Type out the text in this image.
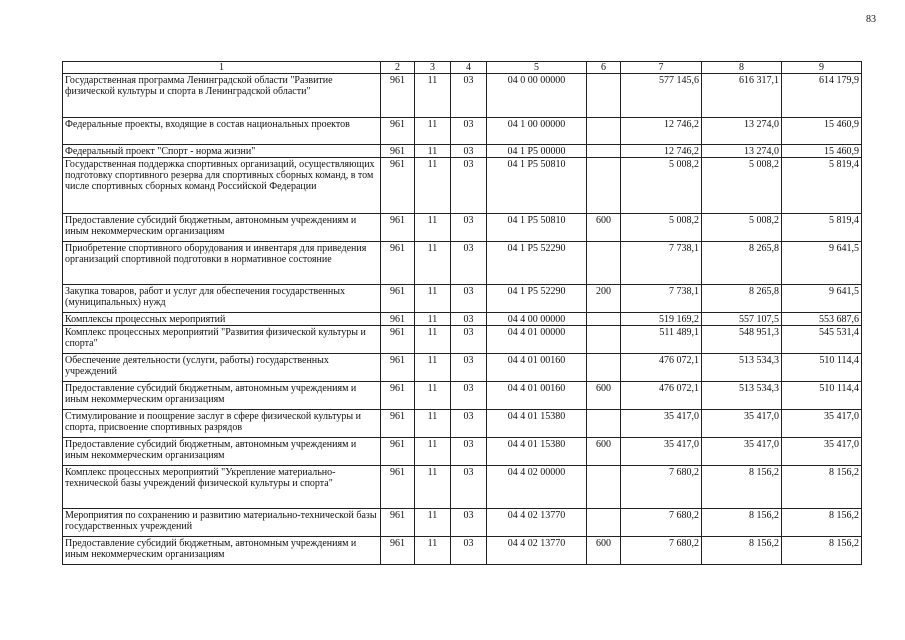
83
1	2	3	4	5	6	7	8	9
Государственная программа Ленинградской области "Развитие физической культуры и спорта в Ленинградской области"	961	11	03	04 0 00 00000		577 145,6	616 317,1	614 179,9
Федеральные проекты, входящие в состав национальных проектов	961	11	03	04 1 00 00000		12 746,2	13 274,0	15 460,9
Федеральный проект "Спорт - норма жизни"	961	11	03	04 1 P5 00000		12 746,2	13 274,0	15 460,9
Государственная поддержка спортивных организаций, осуществляющих подготовку спортивного резерва для спортивных сборных команд, в том числе спортивных сборных команд Российской Федерации	961	11	03	04 1 P5 50810		5 008,2	5 008,2	5 819,4
Предоставление субсидий бюджетным, автономным учреждениям и иным некоммерческим организациям	961	11	03	04 1 P5 50810	600	5 008,2	5 008,2	5 819,4
Приобретение спортивного оборудования и инвентаря для приведения организаций спортивной подготовки в нормативное состояние	961	11	03	04 1 P5 52290		7 738,1	8 265,8	9 641,5
Закупка товаров, работ и услуг для обеспечения государственных (муниципальных) нужд	961	11	03	04 1 P5 52290	200	7 738,1	8 265,8	9 641,5
Комплексы процессных мероприятий	961	11	03	04 4 00 00000		519 169,2	557 107,5	553 687,6
Комплекс процессных мероприятий "Развития физической культуры и спорта"	961	11	03	04 4 01 00000		511 489,1	548 951,3	545 531,4
Обеспечение деятельности (услуги, работы) государственных учреждений	961	11	03	04 4 01 00160		476 072,1	513 534,3	510 114,4
Предоставление субсидий бюджетным, автономным учреждениям и иным некоммерческим организациям	961	11	03	04 4 01 00160	600	476 072,1	513 534,3	510 114,4
Стимулирование и поощрение заслуг в сфере физической культуры и спорта, присвоение спортивных разрядов	961	11	03	04 4 01 15380		35 417,0	35 417,0	35 417,0
Предоставление субсидий бюджетным, автономным учреждениям и иным некоммерческим организациям	961	11	03	04 4 01 15380	600	35 417,0	35 417,0	35 417,0
Комплекс процессных мероприятий "Укрепление материально-технической базы учреждений физической культуры и спорта"	961	11	03	04 4 02 00000		7 680,2	8 156,2	8 156,2
Мероприятия по сохранению и развитию материально-технической базы государственных учреждений	961	11	03	04 4 02 13770		7 680,2	8 156,2	8 156,2
Предоставление субсидий бюджетным, автономным учреждениям и иным некоммерческим организациям	961	11	03	04 4 02 13770	600	7 680,2	8 156,2	8 156,2
